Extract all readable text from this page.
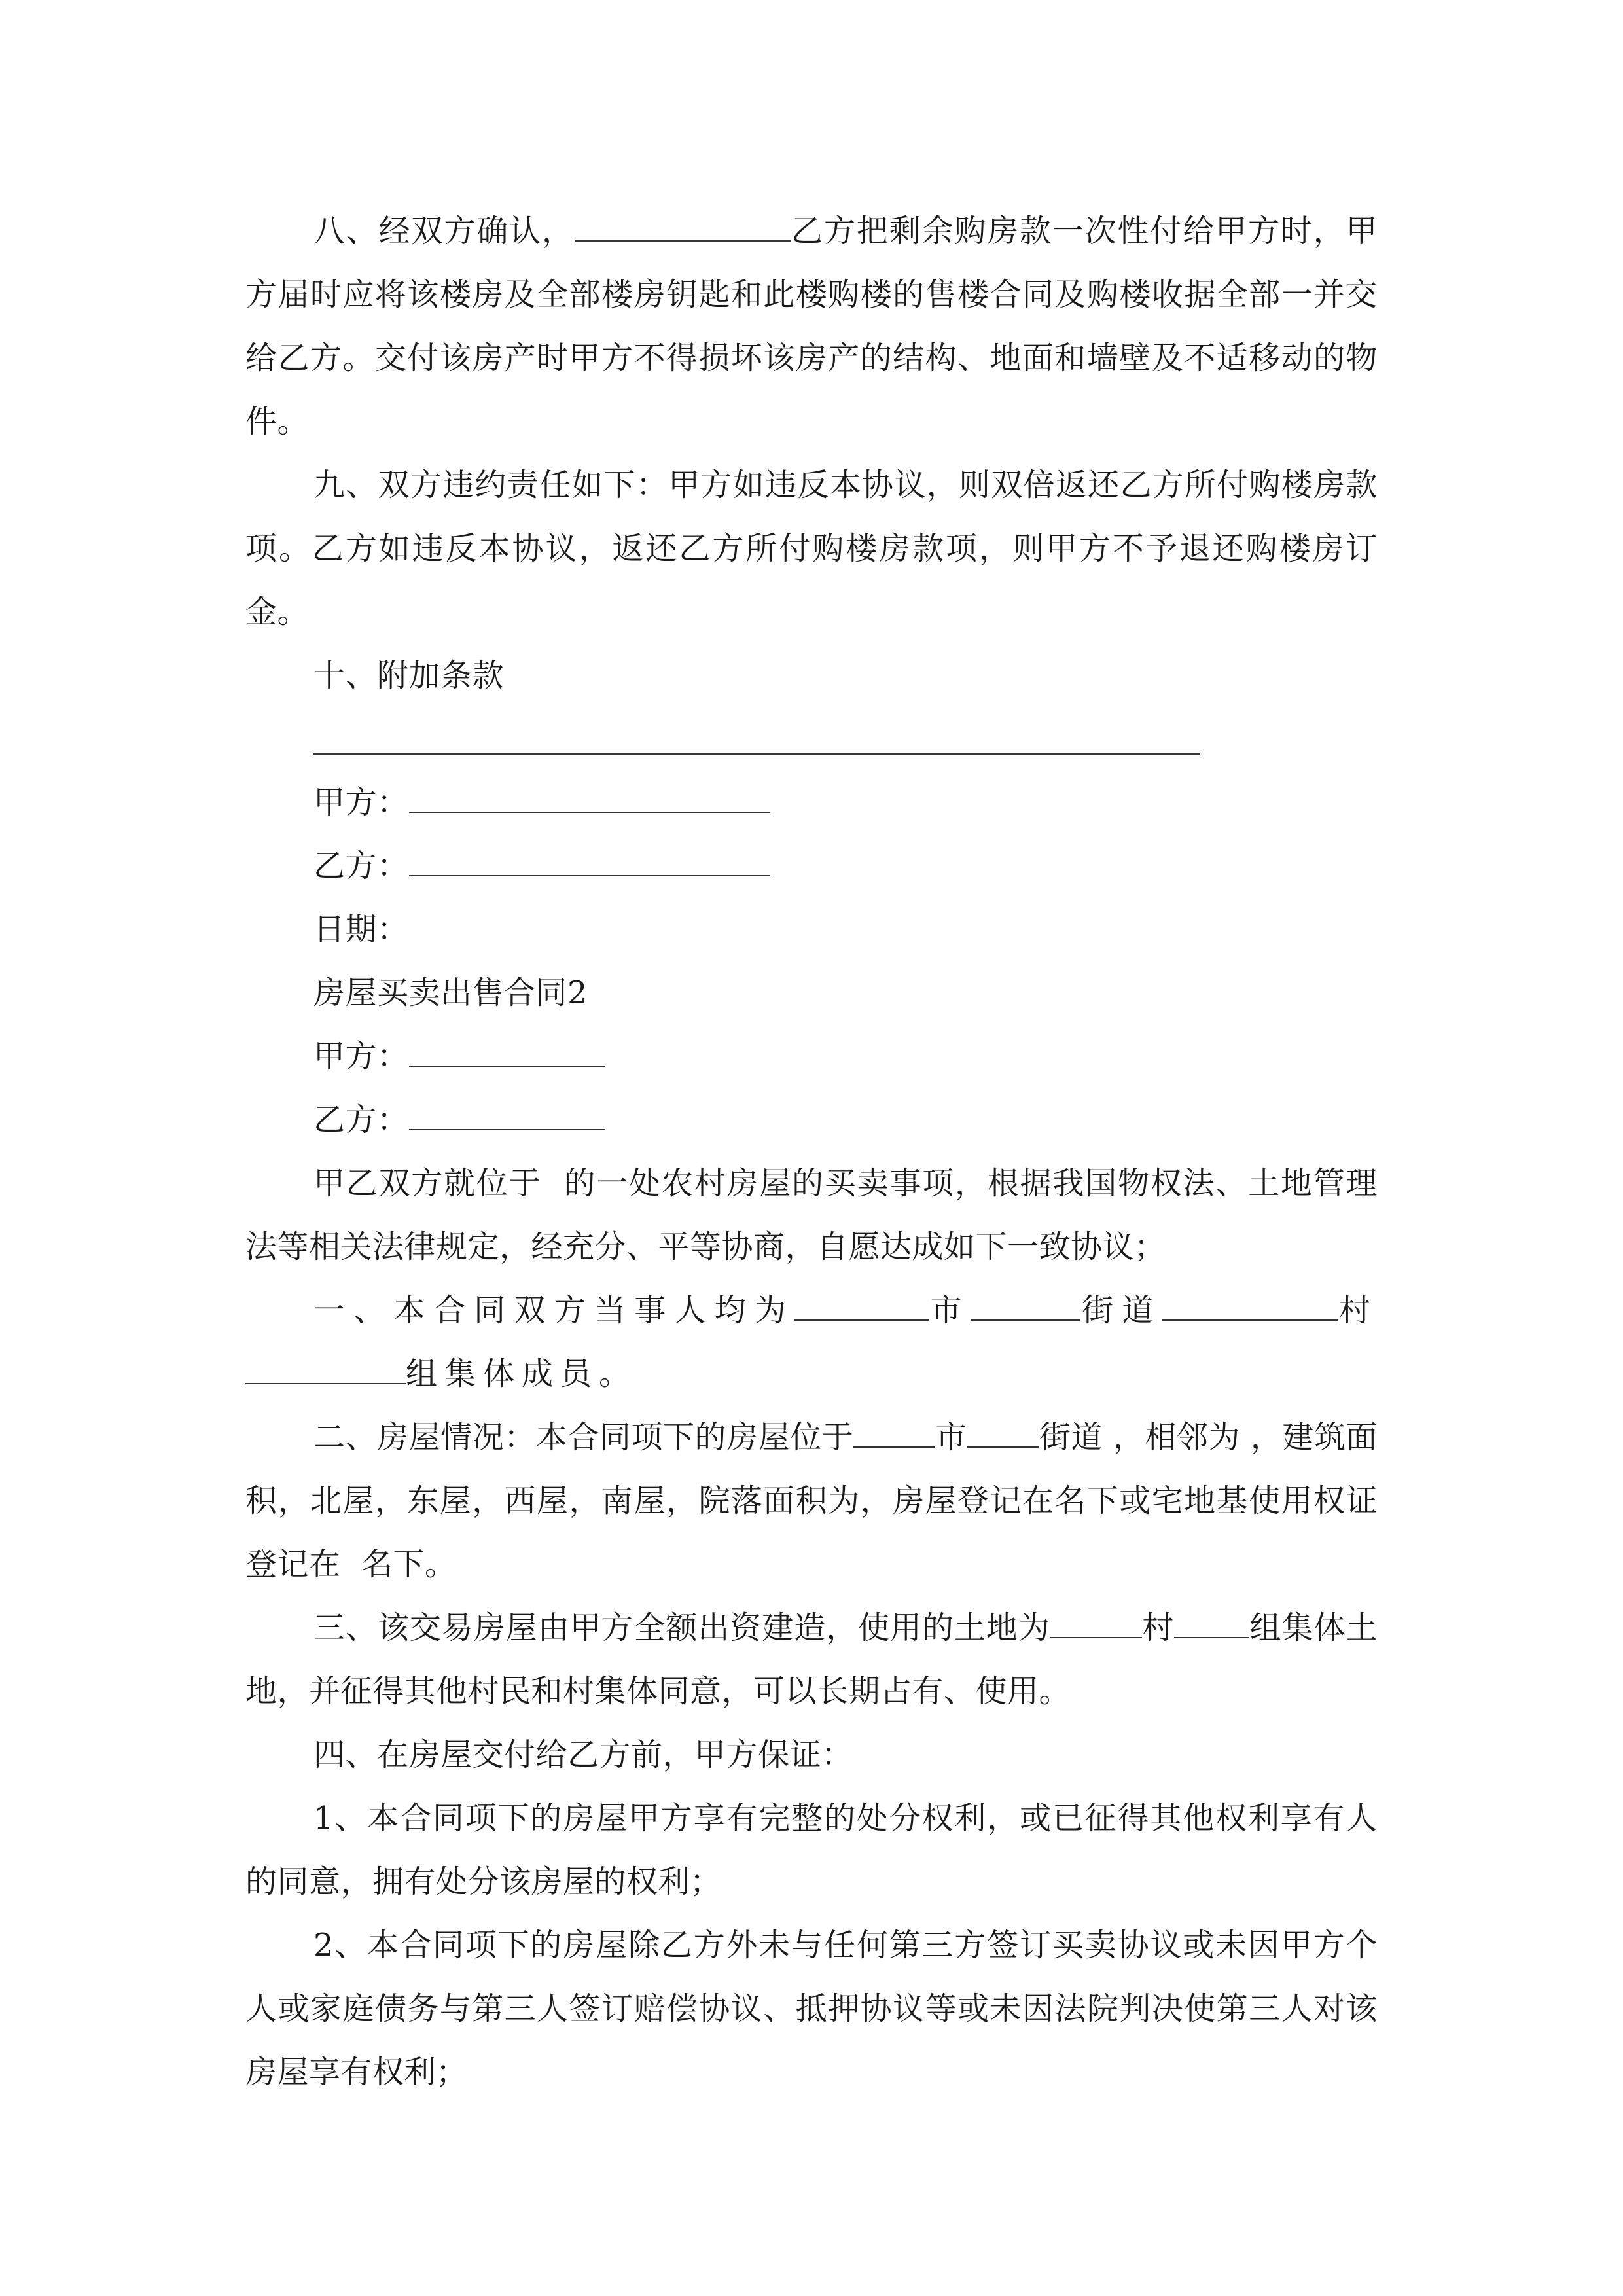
八、经双方确认，	乙方把剩余购房款一次性付给甲方时，甲方届时应将该楼房及全部楼房钥匙和此楼购楼的售楼合同及购楼收据全部一并交给乙方。交付该房产时甲方不得损坏该房产的结构、地面和墙壁及不适移动的物件。

九、双方违约责任如下：甲方如违反本协议，则双倍返还乙方所付购楼房款项。乙方如违反本协议，返还乙方所付购楼房款项，则甲方不予退还购楼房订金。

十、附加条款

甲方：

乙方：

日期：

房屋买卖出售合同2

甲方：

乙方：

甲乙双方就位于  的一处农村房屋的买卖事项，根据我国物权法、土地管理法等相关法律规定，经充分、平等协商，自愿达成如下一致协议；

一、本合同双方当事人均为	市	街道	村组集体成员。

二、房屋情况：本合同项下的房屋位于	市 街道 ，相邻为 ，建筑面积，北屋，东屋，西屋，南屋，院落面积为，房屋登记在名下或宅地基使用权证登记在  名下。

三、该交易房屋由甲方全额出资建造，使用的土地为	村 组集体土地，并征得其他村民和村集体同意，可以长期占有、使用。

四、在房屋交付给乙方前，甲方保证：

1、本合同项下的房屋甲方享有完整的处分权利，或已征得其他权利享有人的同意，拥有处分该房屋的权利；

2、本合同项下的房屋除乙方外未与任何第三方签订买卖协议或未因甲方个人或家庭债务与第三人签订赔偿协议、抵押协议等或未因法院判决使第三人对该房屋享有权利；
